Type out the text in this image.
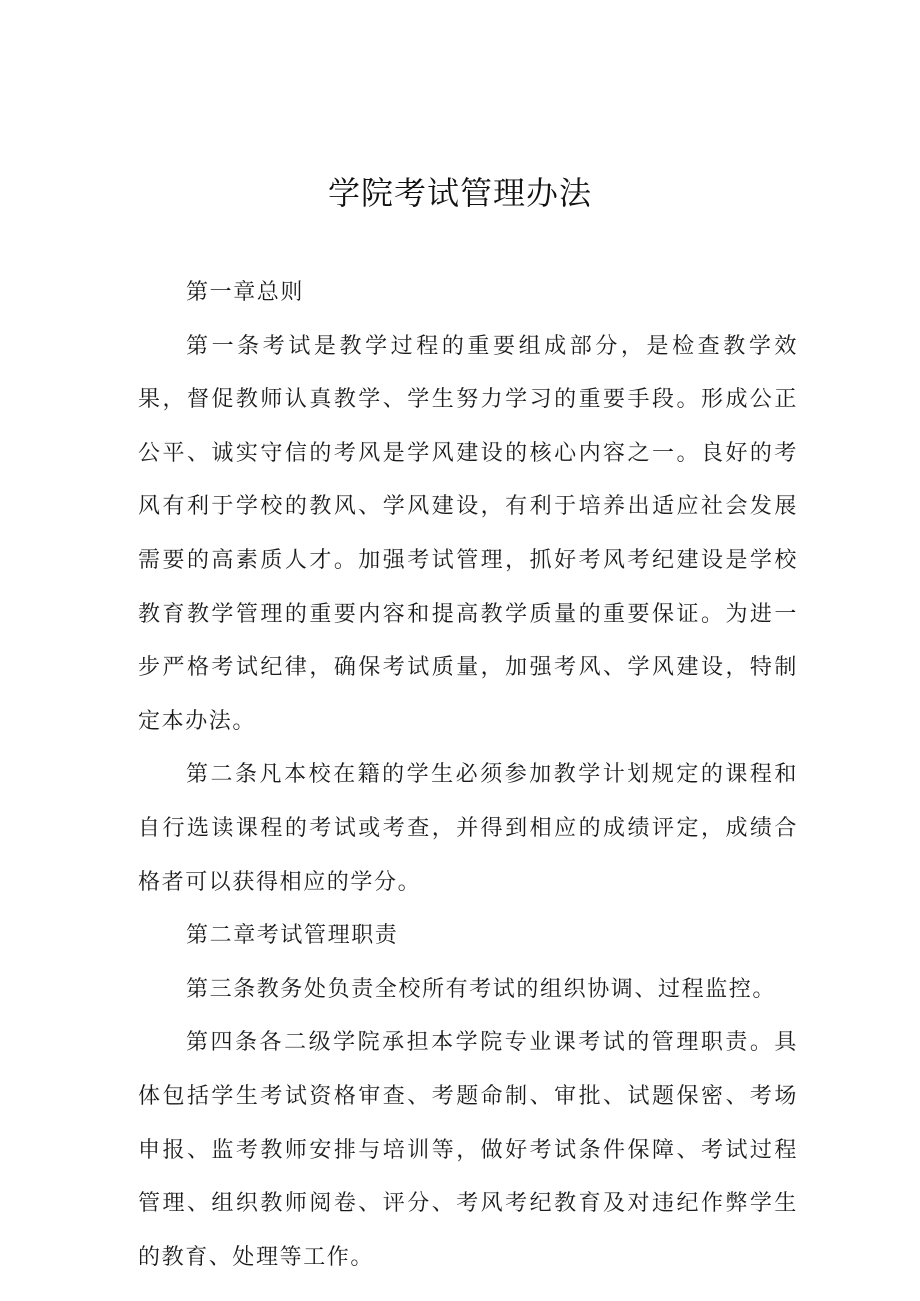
学院考试管理办法

第一章总则

第一条考试是教学过程的重要组成部分，是检查教学效果，督促教师认真教学、学生努力学习的重要手段。形成公正公平、诚实守信的考风是学风建设的核心内容之一。良好的考风有利于学校的教风、学风建设，有利于培养出适应社会发展需要的高素质人才。加强考试管理，抓好考风考纪建设是学校教育教学管理的重要内容和提高教学质量的重要保证。为进一步严格考试纪律，确保考试质量，加强考风、学风建设，特制定本办法。

第二条凡本校在籍的学生必须参加教学计划规定的课程和自行选读课程的考试或考查，并得到相应的成绩评定，成绩合格者可以获得相应的学分。

第二章考试管理职责

第三条教务处负责全校所有考试的组织协调、过程监控。

第四条各二级学院承担本学院专业课考试的管理职责。具体包括学生考试资格审查、考题命制、审批、试题保密、考场申报、监考教师安排与培训等，做好考试条件保障、考试过程管理、组织教师阅卷、评分、考风考纪教育及对违纪作弊学生的教育、处理等工作。
